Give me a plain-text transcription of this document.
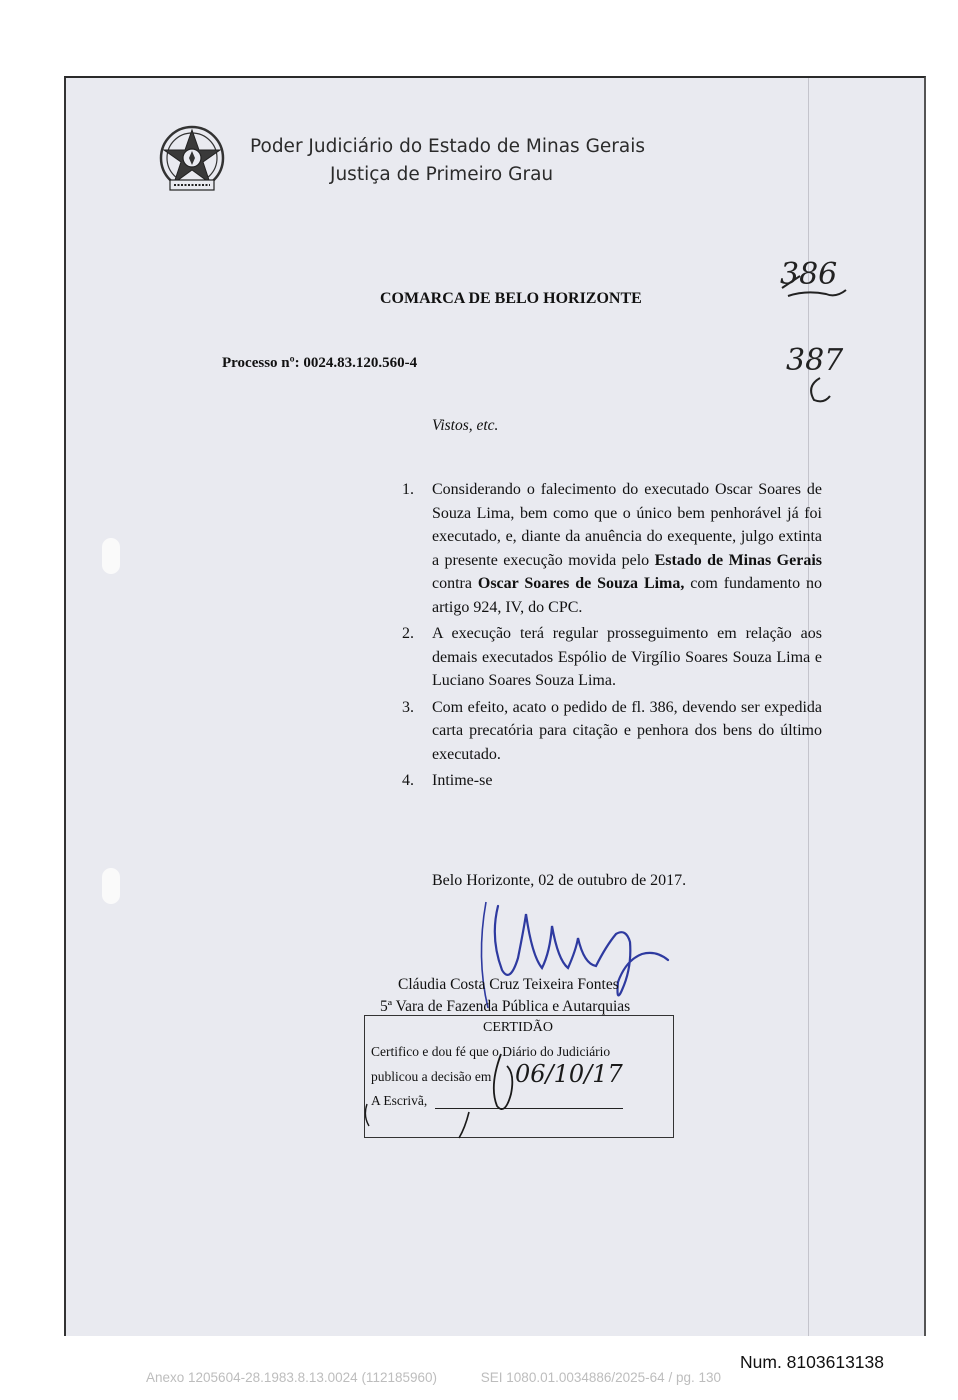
Poder Judiciário do Estado de Minas Gerais
Justiça de Primeiro Grau
COMARCA DE BELO HORIZONTE
Processo nº: 0024.83.120.560-4
Vistos, etc.
386
387
1.	Considerando o falecimento do executado Oscar Soares de Souza Lima, bem como que o único bem penhorável já foi executado, e, diante da anuência do exequente, julgo extinta a presente execução movida pelo Estado de Minas Gerais contra Oscar Soares de Souza Lima, com fundamento no artigo 924, IV, do CPC.
2.	A execução terá regular prosseguimento em relação aos demais executados Espólio de Virgílio Soares Souza Lima e Luciano Soares Souza Lima.
3.	Com efeito, acato o pedido de fl. 386, devendo ser expedida carta precatória para citação e penhora dos bens do último executado.
4.	Intime-se
Belo Horizonte, 02 de outubro de 2017.
Cláudia Costa Cruz Teixeira Fontes
5ª Vara de Fazenda Pública e Autarquias
CERTIDÃO
Certifico e dou fé que o Diário do Judiciário
publicou a decisão em
A Escrivã,
06/10/17
Num. 8103613138
Anexo 1205604-28.1983.8.13.0024 (112185960)	SEI 1080.01.0034886/2025-64 / pg. 130
